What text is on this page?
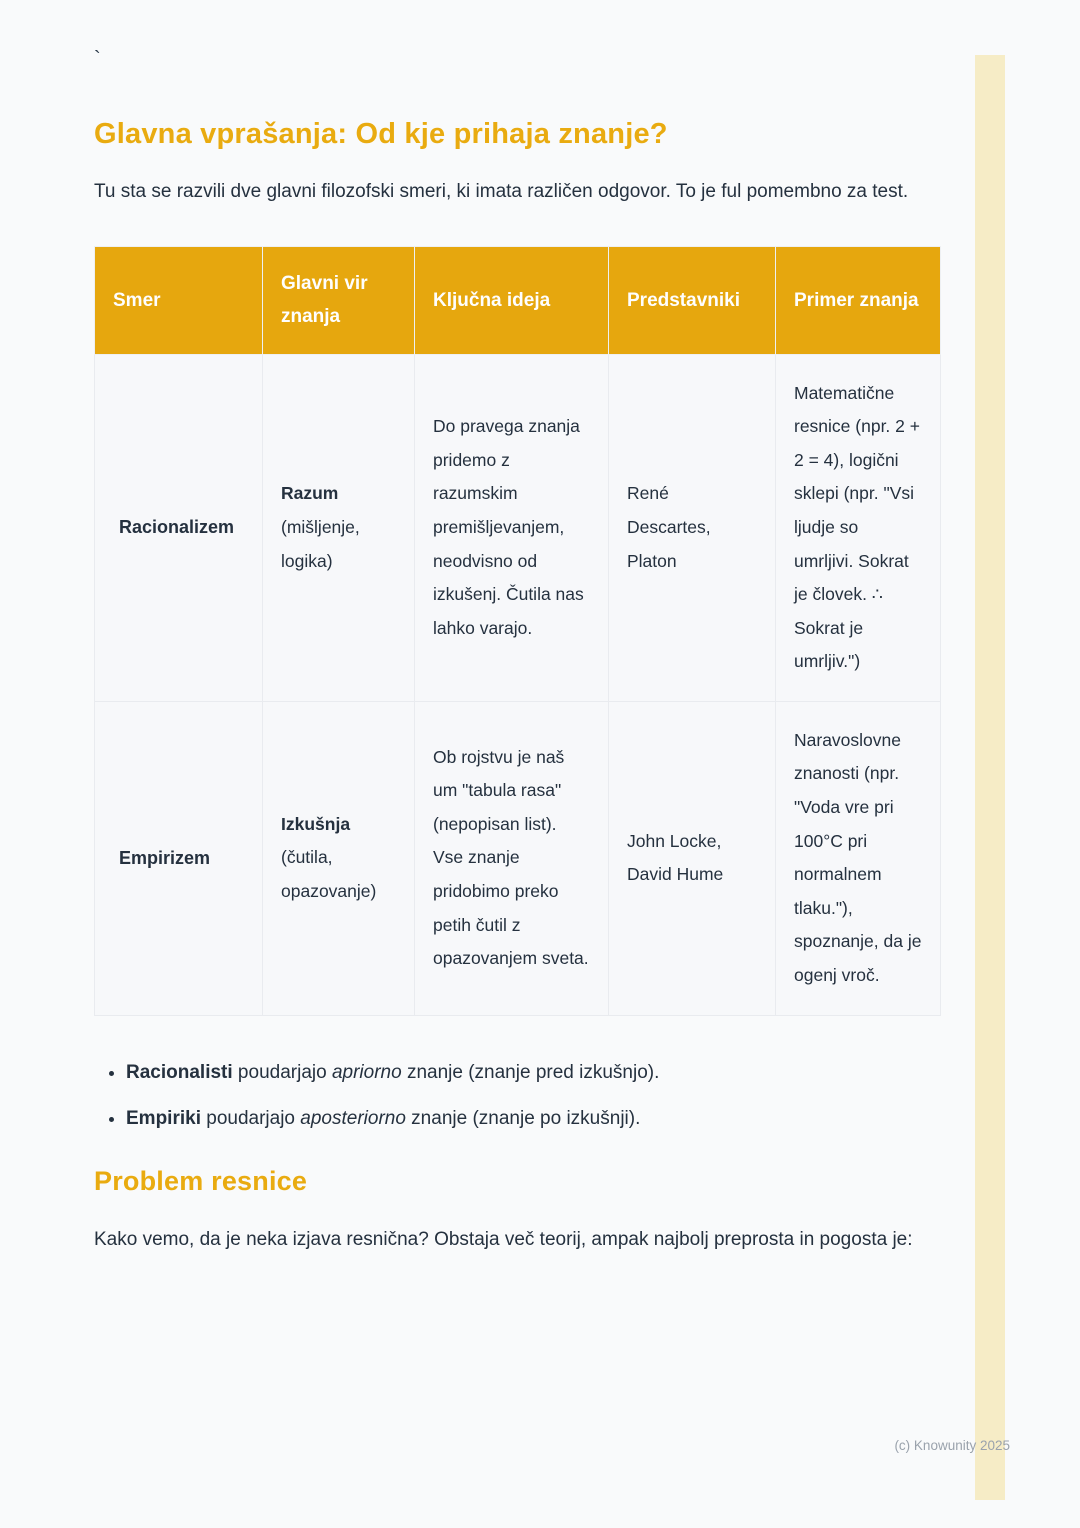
`
Glavna vprašanja: Od kje prihaja znanje?

Tu sta se razvili dve glavni filozofski smeri, ki imata različen odgovor. To je ful pomembno za test.

Smer	Glavni vir znanja	Ključna ideja	Predstavniki	Primer znanja
Racionalizem	Razum (mišljenje, logika)	Do pravega znanja pridemo z razumskim premišljevanjem, neodvisno od izkušenj. Čutila nas lahko varajo.	René Descartes, Platon	Matematične resnice (npr. 2 + 2 = 4), logični sklepi (npr. "Vsi ljudje so umrljivi. Sokrat je človek. ∴ Sokrat je umrljiv.")
Empirizem	Izkušnja (čutila, opazovanje)	Ob rojstvu je naš um "tabula rasa" (nepopisan list). Vse znanje pridobimo preko petih čutil z opazovanjem sveta.	John Locke, David Hume	Naravoslovne znanosti (npr. "Voda vre pri 100°C pri normalnem tlaku."), spoznanje, da je ogenj vroč.
• Racionalisti poudarjajo apriorno znanje (znanje pred izkušnjo).
• Empiriki poudarjajo aposteriorno znanje (znanje po izkušnji).
Problem resnice

Kako vemo, da je neka izjava resnična? Obstaja več teorij, ampak najbolj preprosta in pogosta je:

(c) Knowunity 2025
